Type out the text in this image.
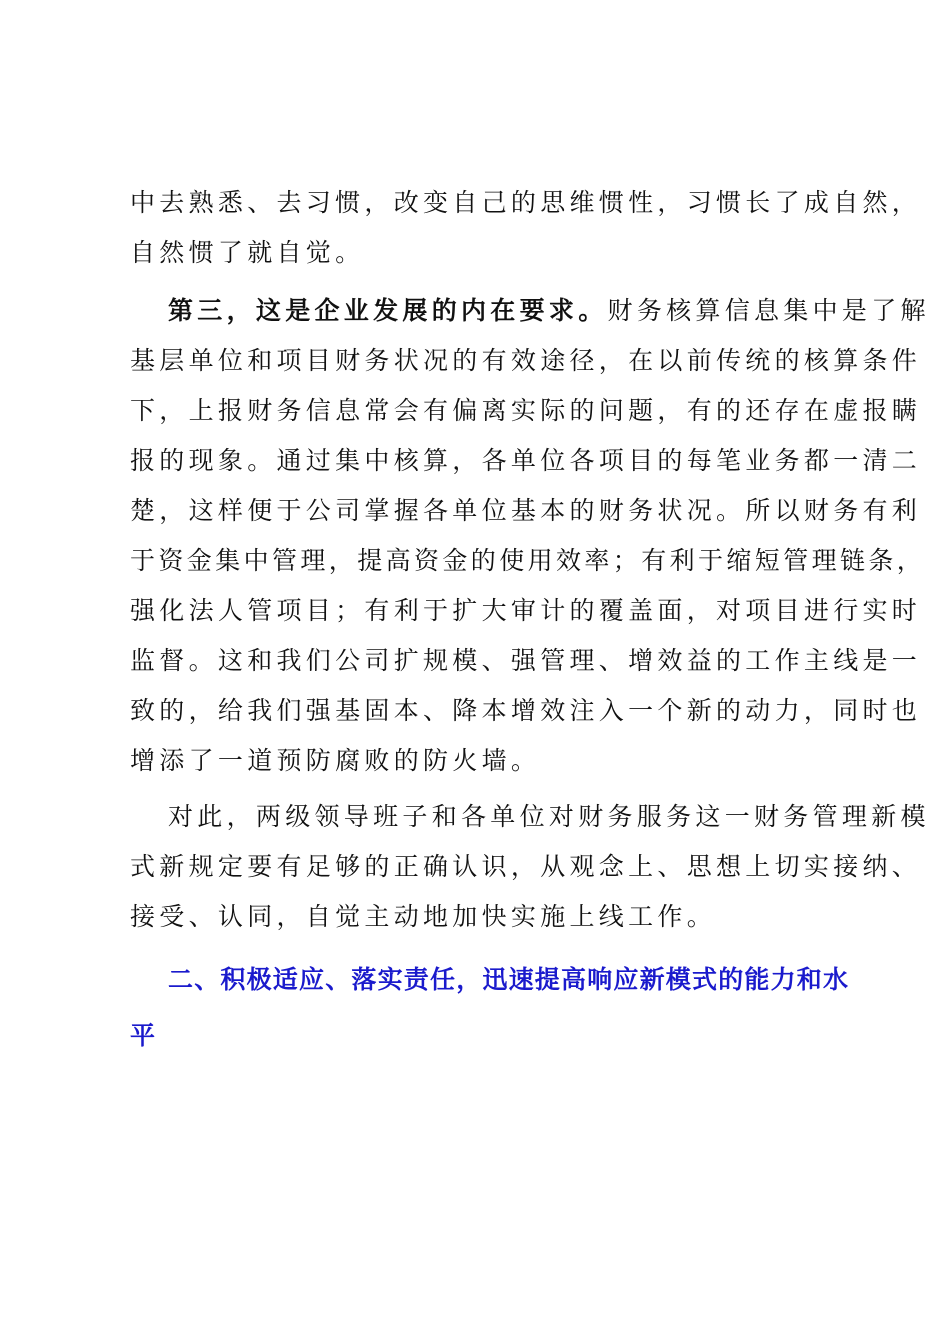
中去熟悉、去习惯，改变自己的思维惯性，习惯长了成自然，
自然惯了就自觉。
第三，这是企业发展的内在要求。财务核算信息集中是了解
基层单位和项目财务状况的有效途径，在以前传统的核算条件
下，上报财务信息常会有偏离实际的问题，有的还存在虚报瞒
报的现象。通过集中核算，各单位各项目的每笔业务都一清二
楚，这样便于公司掌握各单位基本的财务状况。所以财务有利
于资金集中管理，提高资金的使用效率；有利于缩短管理链条，
强化法人管项目；有利于扩大审计的覆盖面，对项目进行实时
监督。这和我们公司扩规模、强管理、增效益的工作主线是一
致的，给我们强基固本、降本增效注入一个新的动力，同时也
增添了一道预防腐败的防火墙。
对此，两级领导班子和各单位对财务服务这一财务管理新模
式新规定要有足够的正确认识，从观念上、思想上切实接纳、
接受、认同，自觉主动地加快实施上线工作。
二、积极适应、落实责任，迅速提高响应新模式的能力和水
平
